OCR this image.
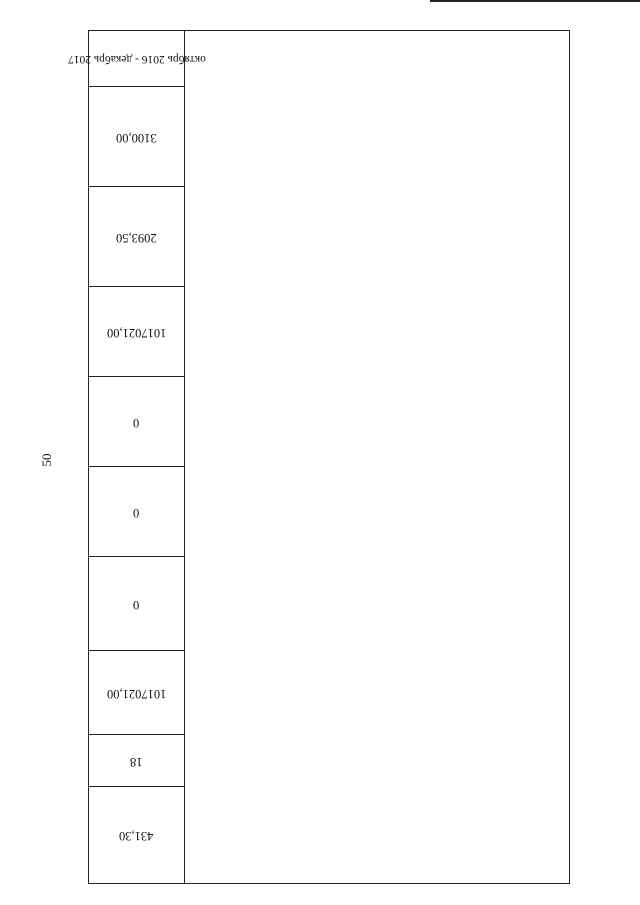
50
октябрь 2016 - декабрь 2017
3100,00
2093,50
1017021,00
0
0
0
1017021,00
18
431,30
